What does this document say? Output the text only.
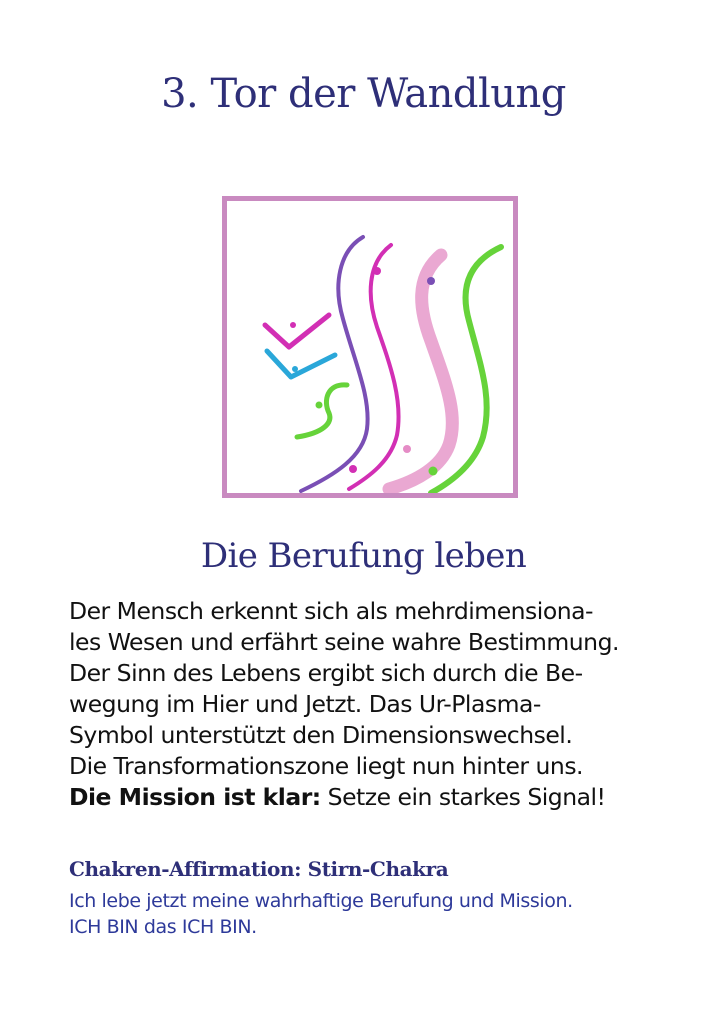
3. Tor der Wandlung
Die Berufung leben
Der Mensch erkennt sich als mehrdimensiona-
les Wesen und erfährt seine wahre Bestimmung.
Der Sinn des Lebens ergibt sich durch die Be-
wegung im Hier und Jetzt. Das Ur-Plasma-
Symbol unterstützt den Dimensionswechsel.
Die Transformationszone liegt nun hinter uns.
Die Mission ist klar: Setze ein starkes Signal!
Chakren-Affirmation: Stirn-Chakra
Ich lebe jetzt meine wahrhaftige Berufung und Mission.
ICH BIN das ICH BIN.
